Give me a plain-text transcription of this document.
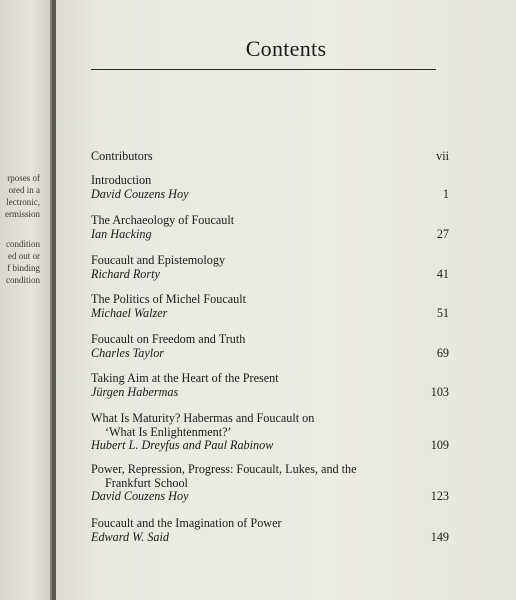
rposes of
ored in a
lectronic,
ermission
condition
ed out or
f binding
condition
Contents
Contributors	vii
Introduction
David Couzens Hoy	1
The Archaeology of Foucault
Ian Hacking	27
Foucault and Epistemology
Richard Rorty	41
The Politics of Michel Foucault
Michael Walzer	51
Foucault on Freedom and Truth
Charles Taylor	69
Taking Aim at the Heart of the Present
Jürgen Habermas	103
What Is Maturity? Habermas and Foucault on
‘What Is Enlightenment?’
Hubert L. Dreyfus and Paul Rabinow	109
Power, Repression, Progress: Foucault, Lukes, and the
Frankfurt School
David Couzens Hoy	123
Foucault and the Imagination of Power
Edward W. Said	149
